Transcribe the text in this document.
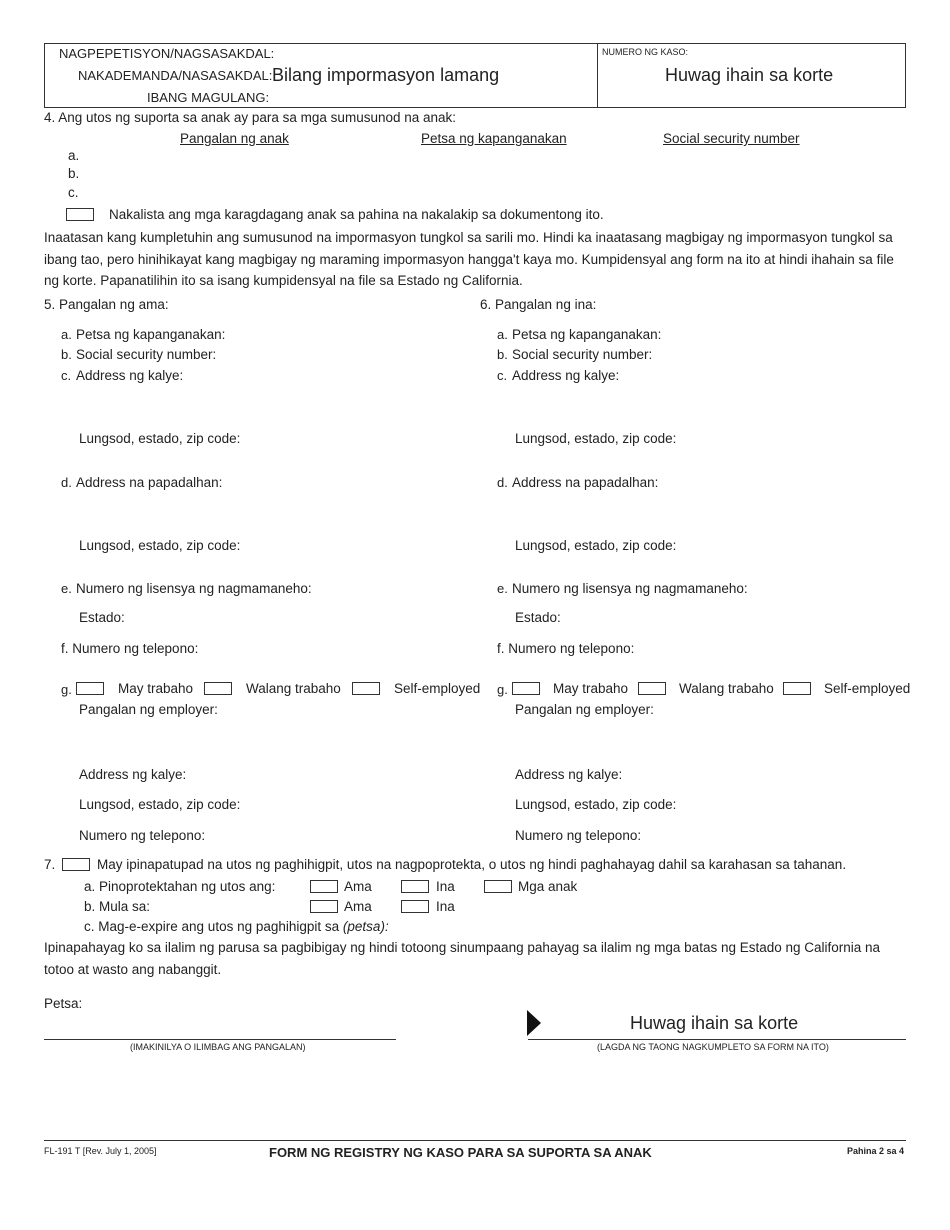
NAGPEPETISYON/NAGSASAKDAL:
NAKADEMANDA/NASASAKDAL: Bilang impormasyon lamang
IBANG MAGULANG:
NUMERO NG KASO:
Huwag ihain sa korte
4. Ang utos ng suporta sa anak ay para sa mga sumusunod na anak:
Pangalan ng anak	Petsa ng kapanganakan	Social security number
a.
b.
c.
Nakalista ang mga karagdagang anak sa pahina na nakalakip sa dokumentong ito.
Inaatasan kang kumpletuhin ang sumusunod na impormasyon tungkol sa sarili mo. Hindi ka inaatasang magbigay ng impormasyon tungkol sa ibang tao, pero hinihikayat kang magbigay ng maraming impormasyon hangga't kaya mo. Kumpidensyal ang form na ito at hindi ihahain sa file ng korte. Papanatilihin ito sa isang kumpidensyal na file sa Estado ng California.
5. Pangalan ng ama:
a. Petsa ng kapanganakan:
b. Social security number:
c. Address ng kalye:
Lungsod, estado, zip code:
d. Address na papadalhan:
Lungsod, estado, zip code:
e. Numero ng lisensya ng nagmamaneho:
Estado:
f. Numero ng telepono:
g.	May trabaho	Walang trabaho	Self-employed
Pangalan ng employer:
Address ng kalye:
Lungsod, estado, zip code:
Numero ng telepono:
6. Pangalan ng ina:
a. Petsa ng kapanganakan:
b. Social security number:
c. Address ng kalye:
Lungsod, estado, zip code:
d. Address na papadalhan:
Lungsod, estado, zip code:
e. Numero ng lisensya ng nagmamaneho:
Estado:
f. Numero ng telepono:
g.	May trabaho	Walang trabaho	Self-employed
Pangalan ng employer:
Address ng kalye:
Lungsod, estado, zip code:
Numero ng telepono:
7.	May ipinapatupad na utos ng paghihigpit, utos na nagpoprotekta, o utos ng hindi paghahayag dahil sa karahasan sa tahanan.
a. Pinoprotektahan ng utos ang:	Ama	Ina	Mga anak
b. Mula sa:	Ama	Ina
c. Mag-e-expire ang utos ng paghihigpit sa (petsa):
Ipinapahayag ko sa ilalim ng parusa sa pagbibigay ng hindi totoong sinumpaang pahayag sa ilalim ng mga batas ng Estado ng California na totoo at wasto ang nabanggit.
Petsa:
(IMAKINILYA O ILIMBAG ANG PANGALAN)
Huwag ihain sa korte
(LAGDA NG TAONG NAGKUMPLETO SA FORM NA ITO)
FL-191 T [Rev. July 1, 2005]	FORM NG REGISTRY NG KASO PARA SA SUPORTA SA ANAK	Pahina 2 sa 4
